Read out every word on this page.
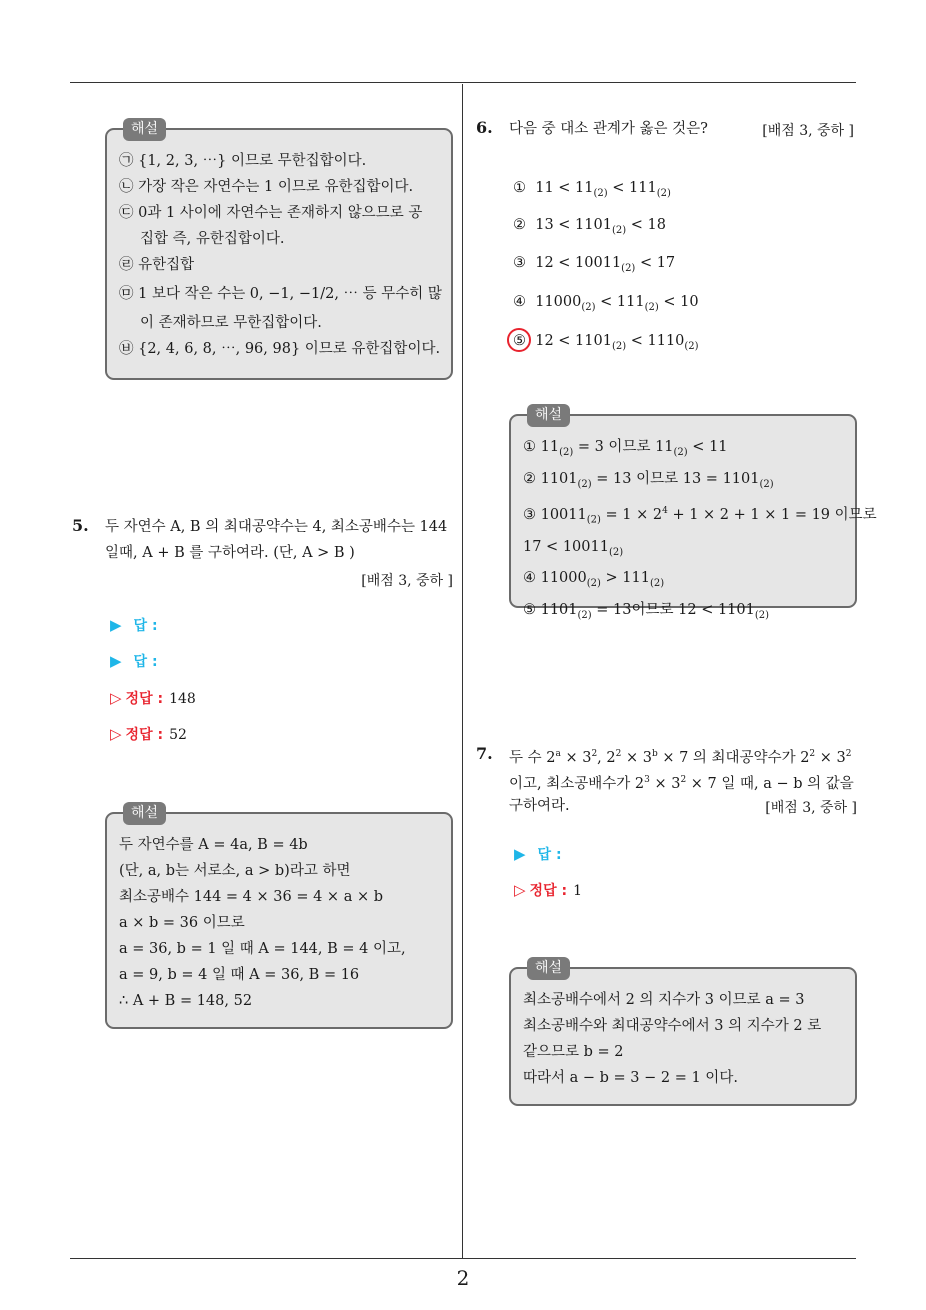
2
해설
㉠ {1, 2, 3, ⋯} 이므로 무한집합이다.
㉡ 가장 작은 자연수는 1 이므로 유한집합이다.
㉢ 0과 1 사이에 자연수는 존재하지 않으므로 공
집합 즉, 유한집합이다.
㉣ 유한집합
㉤ 1 보다 작은 수는 0, −1, −1/2, ⋯ 등 무수히 많
이 존재하므로 무한집합이다.
㉥ {2, 4, 6, 8, ⋯, 96, 98} 이므로 유한집합이다.
5. 두 자연수 A, B 의 최대공약수는 4, 최소공배수는 144
일때, A + B 를 구하여라. (단, A > B )
[배점 3, 중하 ]
▶ 답 :
▶ 답 :
▷ 정답 : 148
▷ 정답 : 52
해설
두 자연수를 A = 4a, B = 4b
(단, a, b는 서로소, a > b)라고 하면
최소공배수 144 = 4 × 36 = 4 × a × b
a × b = 36 이므로
a = 36, b = 1 일 때 A = 144, B = 4 이고,
a = 9, b = 4 일 때 A = 36, B = 16
∴ A + B = 148, 52
6. 다음 중 대소 관계가 옳은 것은?	[배점 3, 중하 ]
①  $11 < 11_{(2)} < 111_{(2)}$
②  $13 < 1101_{(2)} < 18$
③  $12 < 10011_{(2)} < 17$
④  $11000_{(2)} < 111_{(2)} < 10$
⑤  $12 < 1101_{(2)} < 1110_{(2)}$
해설
① $11_{(2)} = 3$ 이므로 $11_{(2)} < 11$
② $1101_{(2)} = 13$ 이므로 $13 = 1101_{(2)}$
③ $10011_{(2)} = 1 \times 2^4 + 1 \times 2 + 1 \times 1 = 19$ 이므로
$17 < 10011_{(2)}$
④ $11000_{(2)} > 111_{(2)}$
⑤ $1101_{(2)} = 13$이므로 $12 < 1101_{(2)}$
7. 두 수 $2^a \times 3^2$, $2^2 \times 3^b \times 7$ 의 최대공약수가 $2^2 \times 3^2$
이고, 최소공배수가 $2^3 \times 3^2 \times 7$ 일 때, a − b 의 값을
구하여라.	[배점 3, 중하 ]
▶ 답 :
▷ 정답 : 1
해설
최소공배수에서 2 의 지수가 3 이므로 a = 3
최소공배수와 최대공약수에서 3 의 지수가 2 로
같으므로 b = 2
따라서 a − b = 3 − 2 = 1 이다.
